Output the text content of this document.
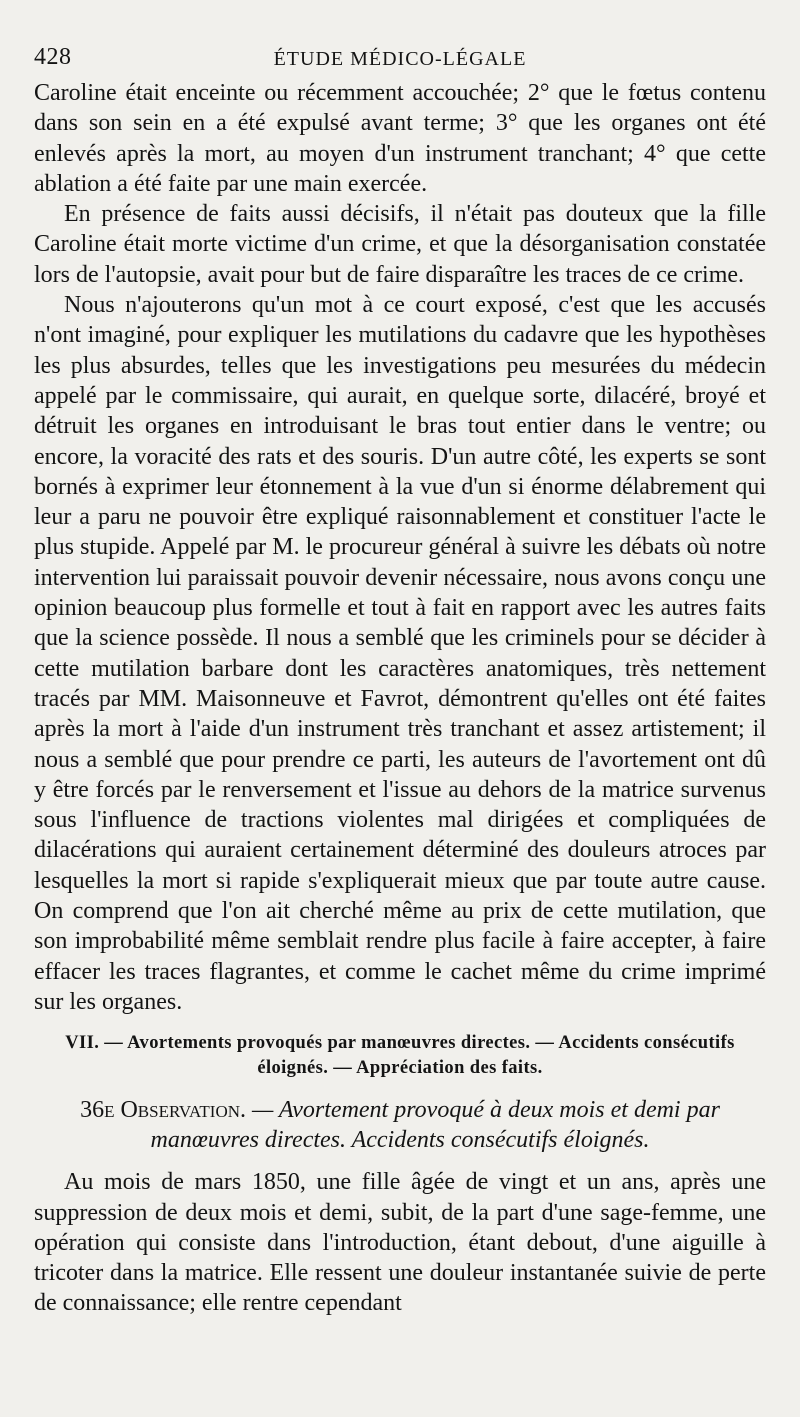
428	ÉTUDE MÉDICO-LÉGALE

Caroline était enceinte ou récemment accouchée; 2° que le fœtus contenu dans son sein en a été expulsé avant terme; 3° que les organes ont été enlevés après la mort, au moyen d'un instrument tranchant; 4° que cette ablation a été faite par une main exercée.

En présence de faits aussi décisifs, il n'était pas douteux que la fille Caroline était morte victime d'un crime, et que la désorganisation constatée lors de l'autopsie, avait pour but de faire disparaître les traces de ce crime.

Nous n'ajouterons qu'un mot à ce court exposé, c'est que les accusés n'ont imaginé, pour expliquer les mutilations du cadavre que les hypothèses les plus absurdes, telles que les investigations peu mesurées du médecin appelé par le commissaire, qui aurait, en quelque sorte, dilacéré, broyé et détruit les organes en introduisant le bras tout entier dans le ventre; ou encore, la voracité des rats et des souris. D'un autre côté, les experts se sont bornés à exprimer leur étonnement à la vue d'un si énorme délabrement qui leur a paru ne pouvoir être expliqué raisonnablement et constituer l'acte le plus stupide. Appelé par M. le procureur général à suivre les débats où notre intervention lui paraissait pouvoir devenir nécessaire, nous avons conçu une opinion beaucoup plus formelle et tout à fait en rapport avec les autres faits que la science possède. Il nous a semblé que les criminels pour se décider à cette mutilation barbare dont les caractères anatomiques, très nettement tracés par MM. Maisonneuve et Favrot, démontrent qu'elles ont été faites après la mort à l'aide d'un instrument très tranchant et assez artistement; il nous a semblé que pour prendre ce parti, les auteurs de l'avortement ont dû y être forcés par le renversement et l'issue au dehors de la matrice survenus sous l'influence de tractions violentes mal dirigées et compliquées de dilacérations qui auraient certainement déterminé des douleurs atroces par lesquelles la mort si rapide s'expliquerait mieux que par toute autre cause. On comprend que l'on ait cherché même au prix de cette mutilation, que son improbabilité même semblait rendre plus facile à faire accepter, à faire effacer les traces flagrantes, et comme le cachet même du crime imprimé sur les organes.

VII. — Avortements provoqués par manœuvres directes. — Accidents consécutifs éloignés. — Appréciation des faits.
36e Observation. — Avortement provoqué à deux mois et demi par manœuvres directes. Accidents consécutifs éloignés.

Au mois de mars 1850, une fille âgée de vingt et un ans, après une suppression de deux mois et demi, subit, de la part d'une sage-femme, une opération qui consiste dans l'introduction, étant debout, d'une aiguille à tricoter dans la matrice. Elle ressent une douleur instantanée suivie de perte de connaissance; elle rentre cependant
